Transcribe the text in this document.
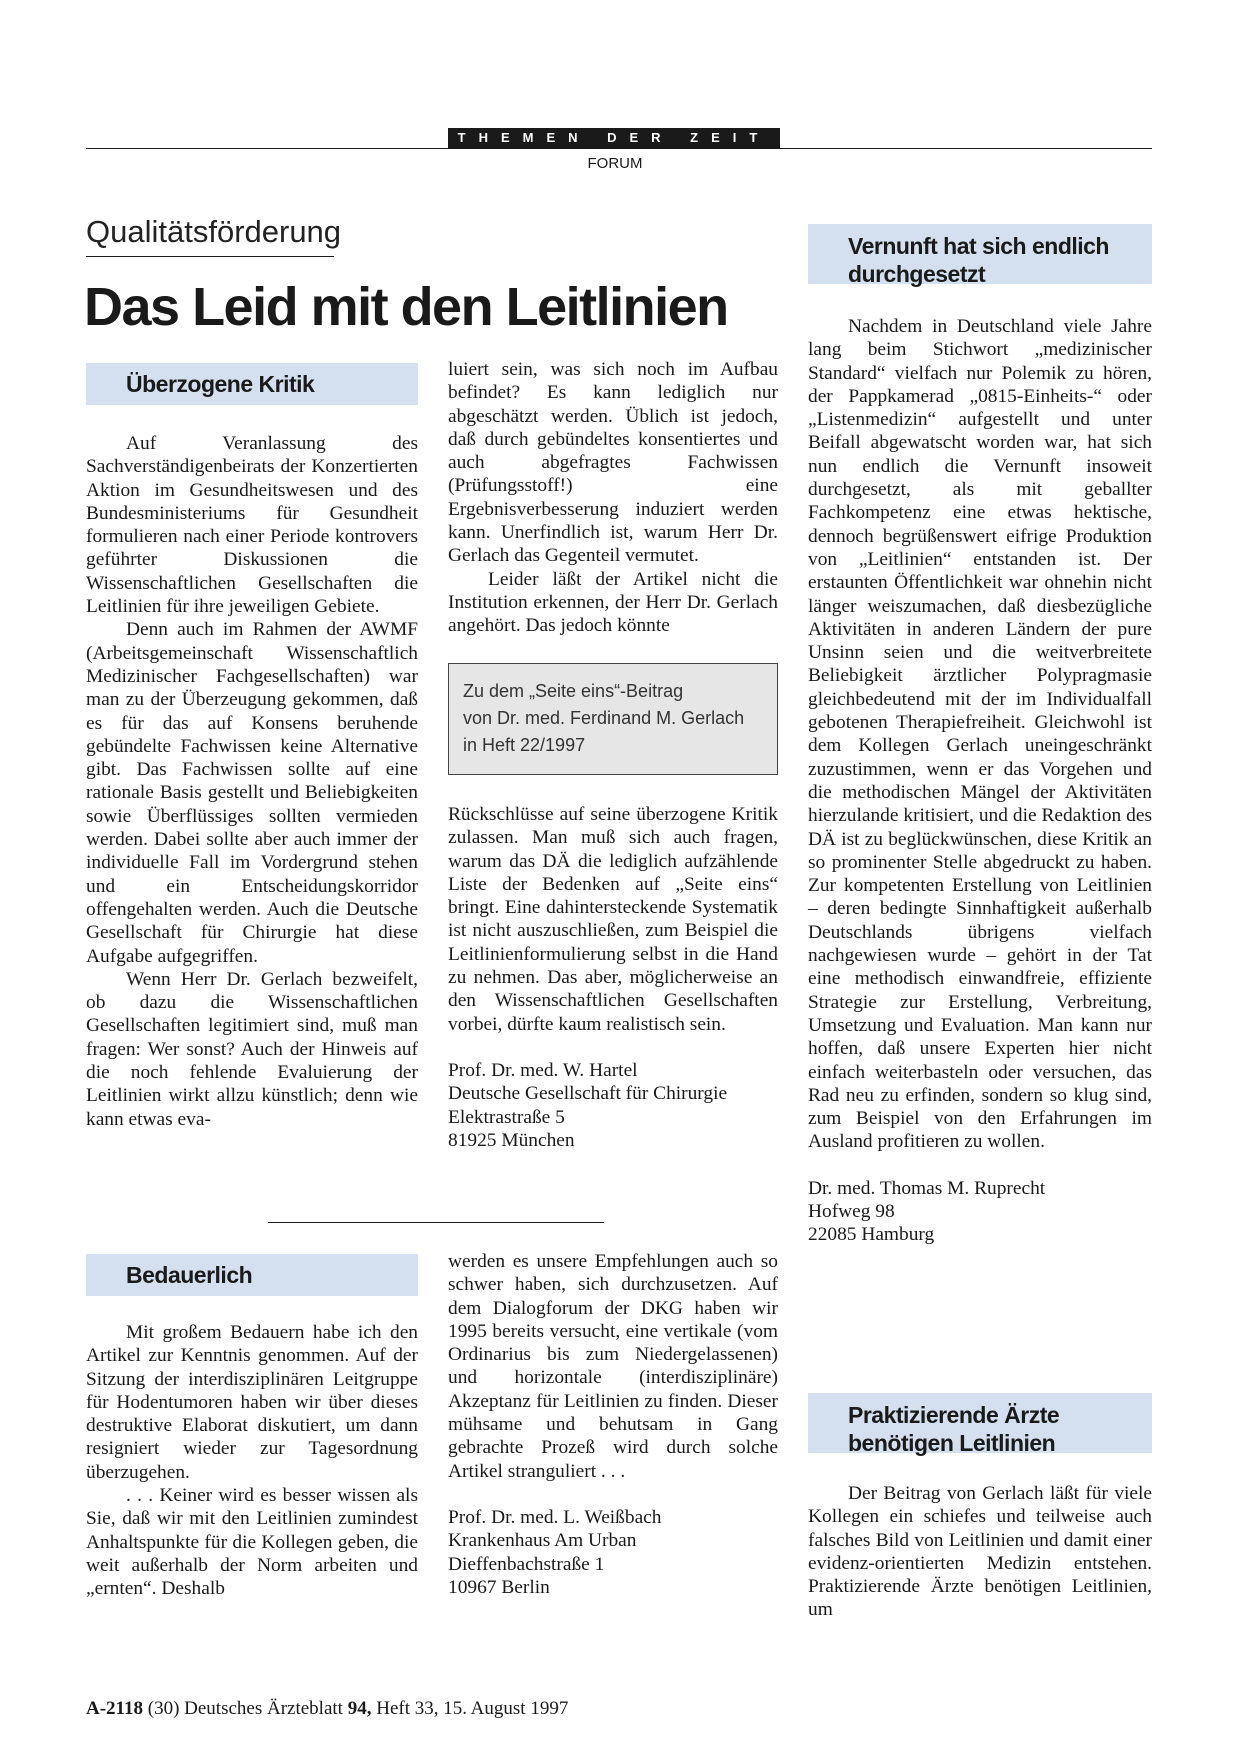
THEMEN DER ZEIT
FORUM
Qualitätsförderung
Das Leid mit den Leitlinien
Überzogene Kritik

Auf Veranlassung des Sachverständigenbeirats der Konzertierten Aktion im Gesundheitswesen und des Bundesministeriums für Gesundheit formulieren nach einer Periode kontrovers geführter Diskussionen die Wissenschaftlichen Gesellschaften die Leitlinien für ihre jeweiligen Gebiete.

Denn auch im Rahmen der AWMF (Arbeitsgemeinschaft Wissenschaftlich Medizinischer Fachgesellschaften) war man zu der Überzeugung gekommen, daß es für das auf Konsens beruhende gebündelte Fachwissen keine Alternative gibt. Das Fachwissen sollte auf eine rationale Basis gestellt und Beliebigkeiten sowie Überflüssiges sollten vermieden werden. Dabei sollte aber auch immer der individuelle Fall im Vordergrund stehen und ein Entscheidungskorridor offengehalten werden. Auch die Deutsche Gesellschaft für Chirurgie hat diese Aufgabe aufgegriffen.

Wenn Herr Dr. Gerlach bezweifelt, ob dazu die Wissenschaftlichen Gesellschaften legitimiert sind, muß man fragen: Wer sonst? Auch der Hinweis auf die noch fehlende Evaluierung der Leitlinien wirkt allzu künstlich; denn wie kann etwas eva-

luiert sein, was sich noch im Aufbau befindet? Es kann lediglich nur abgeschätzt werden. Üblich ist jedoch, daß durch gebündeltes konsentiertes und auch abgefragtes Fachwissen (Prüfungsstoff!) eine Ergebnisverbesserung induziert werden kann. Unerfindlich ist, warum Herr Dr. Gerlach das Gegenteil vermutet.

Leider läßt der Artikel nicht die Institution erkennen, der Herr Dr. Gerlach angehört. Das jedoch könnte

Zu dem „Seite eins“-Beitrag
von Dr. med. Ferdinand M. Gerlach
in Heft 22/1997

Rückschlüsse auf seine überzogene Kritik zulassen. Man muß sich auch fragen, warum das DÄ die lediglich aufzählende Liste der Bedenken auf „Seite eins“ bringt. Eine dahintersteckende Systematik ist nicht auszuschließen, zum Beispiel die Leitlinienformulierung selbst in die Hand zu nehmen. Das aber, möglicherweise an den Wissenschaftlichen Gesellschaften vorbei, dürfte kaum realistisch sein.

Prof. Dr. med. W. Hartel
Deutsche Gesellschaft für Chirurgie
Elektrastraße 5
81925 München
Bedauerlich

Mit großem Bedauern habe ich den Artikel zur Kenntnis genommen. Auf der Sitzung der interdisziplinären Leitgruppe für Hodentumoren haben wir über dieses destruktive Elaborat diskutiert, um dann resigniert wieder zur Tagesordnung überzugehen.

. . . Keiner wird es besser wissen als Sie, daß wir mit den Leitlinien zumindest Anhaltspunkte für die Kollegen geben, die weit außerhalb der Norm arbeiten und „ernten“. Deshalb

werden es unsere Empfehlungen auch so schwer haben, sich durchzusetzen. Auf dem Dialogforum der DKG haben wir 1995 bereits versucht, eine vertikale (vom Ordinarius bis zum Niedergelassenen) und horizontale (interdisziplinäre) Akzeptanz für Leitlinien zu finden. Dieser mühsame und behutsam in Gang gebrachte Prozeß wird durch solche Artikel stranguliert . . .

Prof. Dr. med. L. Weißbach
Krankenhaus Am Urban
Dieffenbachstraße 1
10967 Berlin
Vernunft hat sich endlich
durchgesetzt

Nachdem in Deutschland viele Jahre lang beim Stichwort „medizinischer Standard“ vielfach nur Polemik zu hören, der Pappkamerad „0815-Einheits-“ oder „Listenmedizin“ aufgestellt und unter Beifall abgewatscht worden war, hat sich nun endlich die Vernunft insoweit durchgesetzt, als mit geballter Fachkompetenz eine etwas hektische, dennoch begrüßenswert eifrige Produktion von „Leitlinien“ entstanden ist. Der erstaunten Öffentlichkeit war ohnehin nicht länger weiszumachen, daß diesbezügliche Aktivitäten in anderen Ländern der pure Unsinn seien und die weitverbreitete Beliebigkeit ärztlicher Polypragmasie gleichbedeutend mit der im Individualfall gebotenen Therapiefreiheit. Gleichwohl ist dem Kollegen Gerlach uneingeschränkt zuzustimmen, wenn er das Vorgehen und die methodischen Mängel der Aktivitäten hierzulande kritisiert, und die Redaktion des DÄ ist zu beglückwünschen, diese Kritik an so prominenter Stelle abgedruckt zu haben. Zur kompetenten Erstellung von Leitlinien – deren bedingte Sinnhaftigkeit außerhalb Deutschlands übrigens vielfach nachgewiesen wurde – gehört in der Tat eine methodisch einwandfreie, effiziente Strategie zur Erstellung, Verbreitung, Umsetzung und Evaluation. Man kann nur hoffen, daß unsere Experten hier nicht einfach weiterbasteln oder versuchen, das Rad neu zu erfinden, sondern so klug sind, zum Beispiel von den Erfahrungen im Ausland profitieren zu wollen.

Dr. med. Thomas M. Ruprecht
Hofweg 98
22085 Hamburg
Praktizierende Ärzte
benötigen Leitlinien

Der Beitrag von Gerlach läßt für viele Kollegen ein schiefes und teilweise auch falsches Bild von Leitlinien und damit einer evidenz-orientierten Medizin entstehen. Praktizierende Ärzte benötigen Leitlinien, um

A-2118 (30) Deutsches Ärzteblatt 94, Heft 33, 15. August 1997
